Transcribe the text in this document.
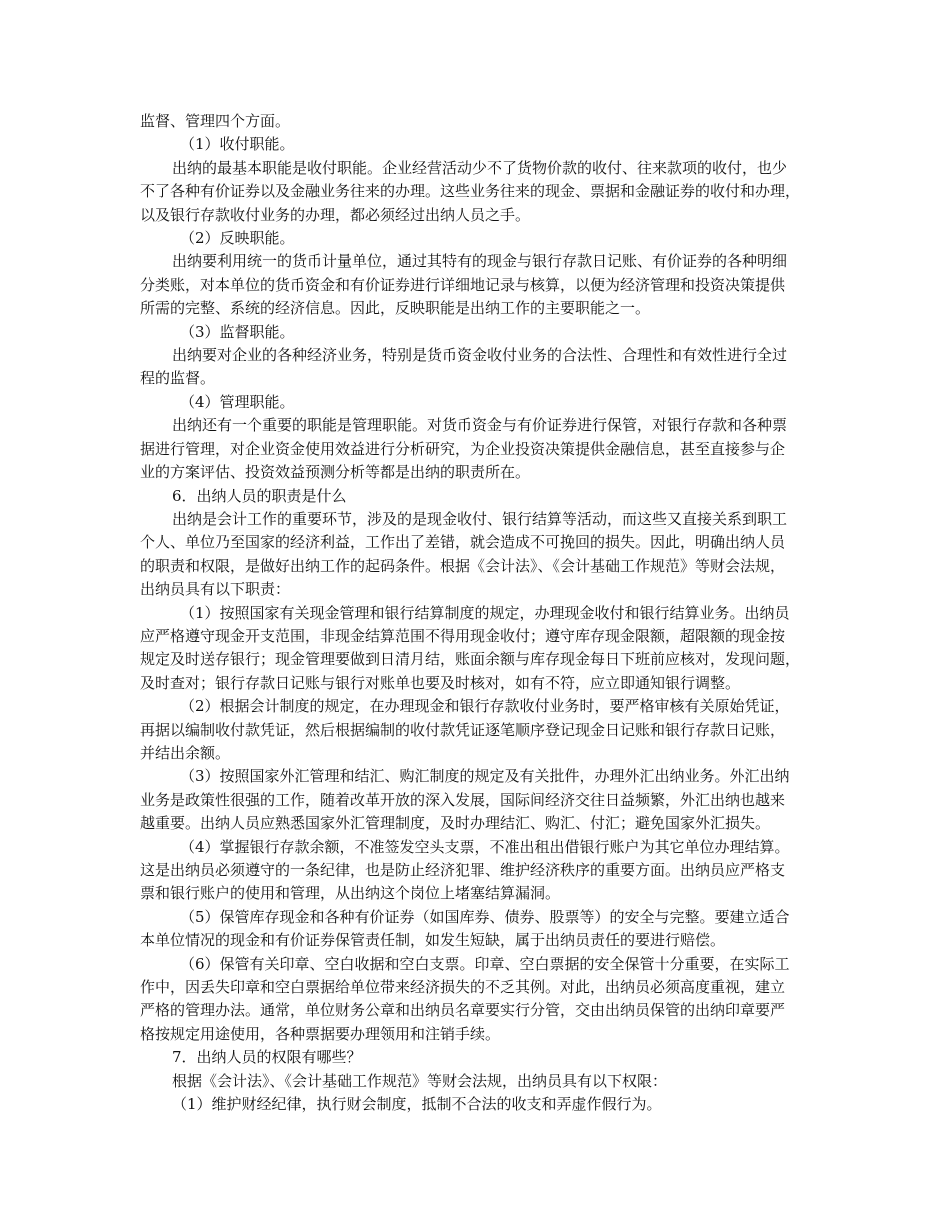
监督、管理四个方面。

（1）收付职能。

出纳的最基本职能是收付职能。企业经营活动少不了货物价款的收付、往来款项的收付，也少

不了各种有价证券以及金融业务往来的办理。这些业务往来的现金、票据和金融证券的收付和办理，

以及银行存款收付业务的办理，都必须经过出纳人员之手。

（2）反映职能。

出纳要利用统一的货币计量单位，通过其特有的现金与银行存款日记账、有价证券的各种明细

分类账，对本单位的货币资金和有价证券进行详细地记录与核算，以便为经济管理和投资决策提供

所需的完整、系统的经济信息。因此，反映职能是出纳工作的主要职能之一。

（3）监督职能。

出纳要对企业的各种经济业务，特别是货币资金收付业务的合法性、合理性和有效性进行全过

程的监督。

（4）管理职能。

出纳还有一个重要的职能是管理职能。对货币资金与有价证券进行保管，对银行存款和各种票

据进行管理，对企业资金使用效益进行分析研究，为企业投资决策提供金融信息，甚至直接参与企

业的方案评估、投资效益预测分析等都是出纳的职责所在。

6．出纳人员的职责是什么

出纳是会计工作的重要环节，涉及的是现金收付、银行结算等活动，而这些又直接关系到职工

个人、单位乃至国家的经济利益，工作出了差错，就会造成不可挽回的损失。因此，明确出纳人员

的职责和权限，是做好出纳工作的起码条件。根据《会计法》、《会计基础工作规范》等财会法规，

出纳员具有以下职责：

（1）按照国家有关现金管理和银行结算制度的规定，办理现金收付和银行结算业务。出纳员

应严格遵守现金开支范围，非现金结算范围不得用现金收付；遵守库存现金限额，超限额的现金按

规定及时送存银行；现金管理要做到日清月结，账面余额与库存现金每日下班前应核对，发现问题，

及时查对；银行存款日记账与银行对账单也要及时核对，如有不符，应立即通知银行调整。

（2）根据会计制度的规定，在办理现金和银行存款收付业务时，要严格审核有关原始凭证，

再据以编制收付款凭证，然后根据编制的收付款凭证逐笔顺序登记现金日记账和银行存款日记账，

并结出余额。

（3）按照国家外汇管理和结汇、购汇制度的规定及有关批件，办理外汇出纳业务。外汇出纳

业务是政策性很强的工作，随着改革开放的深入发展，国际间经济交往日益频繁，外汇出纳也越来

越重要。出纳人员应熟悉国家外汇管理制度，及时办理结汇、购汇、付汇；避免国家外汇损失。

（4）掌握银行存款余额，不准签发空头支票，不准出租出借银行账户为其它单位办理结算。

这是出纳员必须遵守的一条纪律，也是防止经济犯罪、维护经济秩序的重要方面。出纳员应严格支

票和银行账户的使用和管理，从出纳这个岗位上堵塞结算漏洞。

（5）保管库存现金和各种有价证券（如国库券、债券、股票等）的安全与完整。要建立适合

本单位情况的现金和有价证券保管责任制，如发生短缺，属于出纳员责任的要进行赔偿。

（6）保管有关印章、空白收据和空白支票。印章、空白票据的安全保管十分重要，在实际工

作中，因丢失印章和空白票据给单位带来经济损失的不乏其例。对此，出纳员必须高度重视，建立

严格的管理办法。通常，单位财务公章和出纳员名章要实行分管，交由出纳员保管的出纳印章要严

格按规定用途使用，各种票据要办理领用和注销手续。

7．出纳人员的权限有哪些？

根据《会计法》、《会计基础工作规范》等财会法规，出纳员具有以下权限：

（1）维护财经纪律，执行财会制度，抵制不合法的收支和弄虚作假行为。
